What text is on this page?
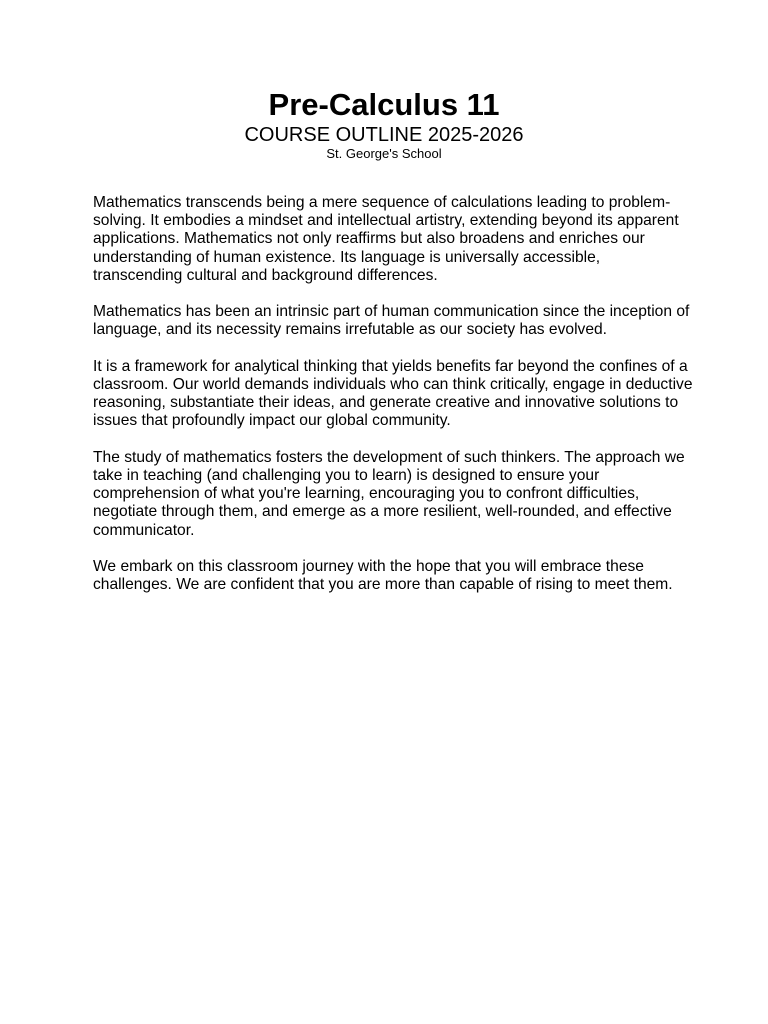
Pre-Calculus 11
COURSE OUTLINE 2025-2026
St. George's School

Mathematics transcends being a mere sequence of calculations leading to problem-solving. It embodies a mindset and intellectual artistry, extending beyond its apparent applications. Mathematics not only reaffirms but also broadens and enriches our understanding of human existence. Its language is universally accessible, transcending cultural and background differences.

Mathematics has been an intrinsic part of human communication since the inception of language, and its necessity remains irrefutable as our society has evolved.

It is a framework for analytical thinking that yields benefits far beyond the confines of a classroom. Our world demands individuals who can think critically, engage in deductive reasoning, substantiate their ideas, and generate creative and innovative solutions to issues that profoundly impact our global community.

The study of mathematics fosters the development of such thinkers. The approach we take in teaching (and challenging you to learn) is designed to ensure your comprehension of what you're learning, encouraging you to confront difficulties, negotiate through them, and emerge as a more resilient, well-rounded, and effective communicator.

We embark on this classroom journey with the hope that you will embrace these challenges. We are confident that you are more than capable of rising to meet them.
